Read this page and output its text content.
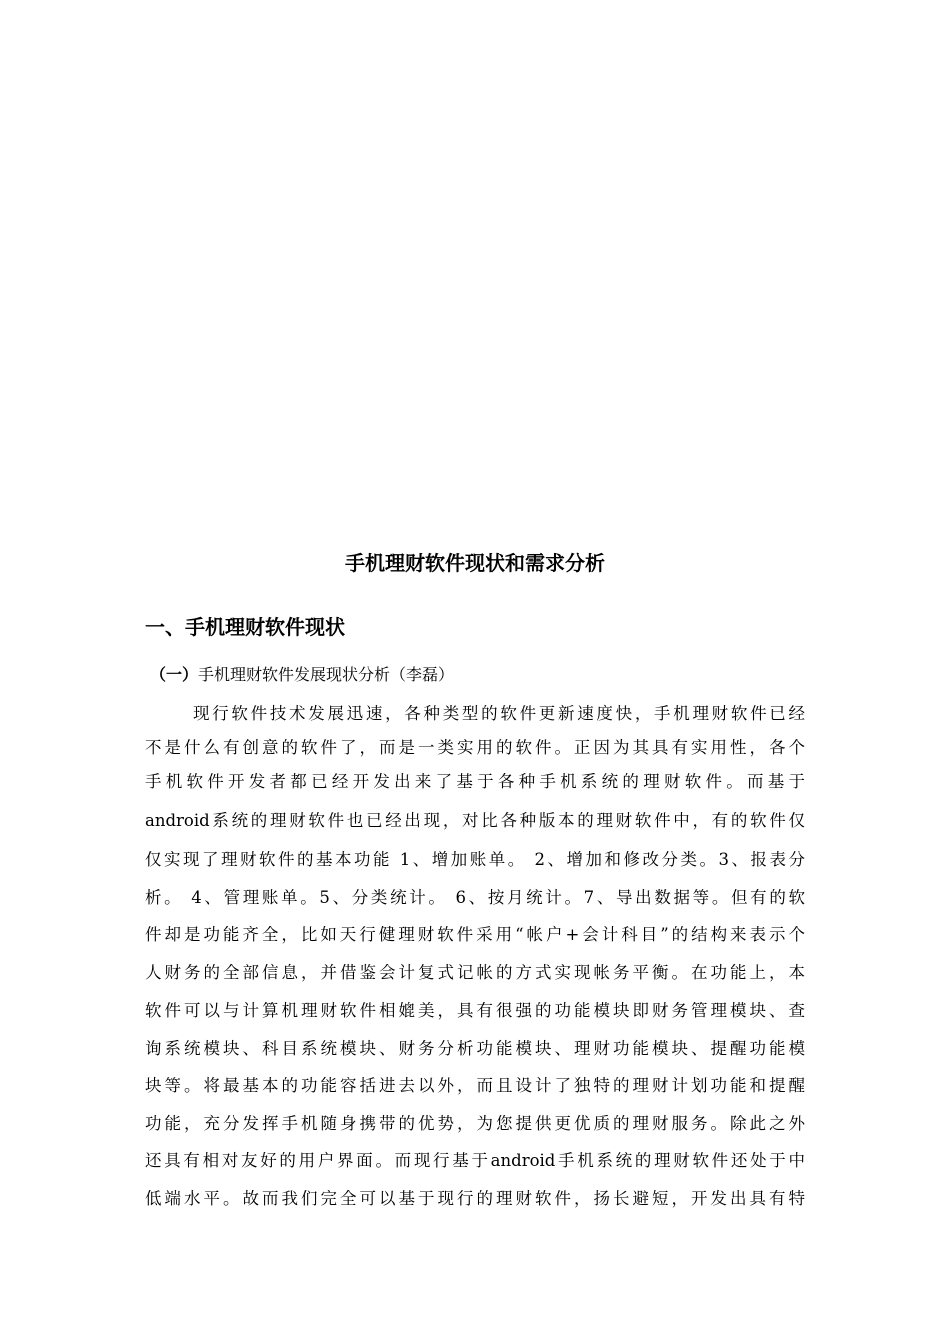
手机理财软件现状和需求分析
一、手机理财软件现状
（一）手机理财软件发展现状分析（李磊）
现行软件技术发展迅速，各种类型的软件更新速度快，手机理财软件已经
不是什么有创意的软件了，而是一类实用的软件。正因为其具有实用性，各个
手机软件开发者都已经开发出来了基于各种手机系统的理财软件。而基于
android系统的理财软件也已经出现，对比各种版本的理财软件中，有的软件仅
仅实现了理财软件的基本功能 1、增加账单。 2、增加和修改分类。3、报表分
析。 4、管理账单。5、分类统计。 6、按月统计。7、导出数据等。但有的软
件却是功能齐全，比如天行健理财软件采用“帐户+会计科目”的结构来表示个
人财务的全部信息，并借鉴会计复式记帐的方式实现帐务平衡。在功能上，本
软件可以与计算机理财软件相媲美，具有很强的功能模块即财务管理模块、查
询系统模块、科目系统模块、财务分析功能模块、理财功能模块、提醒功能模
块等。将最基本的功能容括进去以外，而且设计了独特的理财计划功能和提醒
功能，充分发挥手机随身携带的优势，为您提供更优质的理财服务。除此之外
还具有相对友好的用户界面。而现行基于android手机系统的理财软件还处于中
低端水平。故而我们完全可以基于现行的理财软件，扬长避短，开发出具有特
